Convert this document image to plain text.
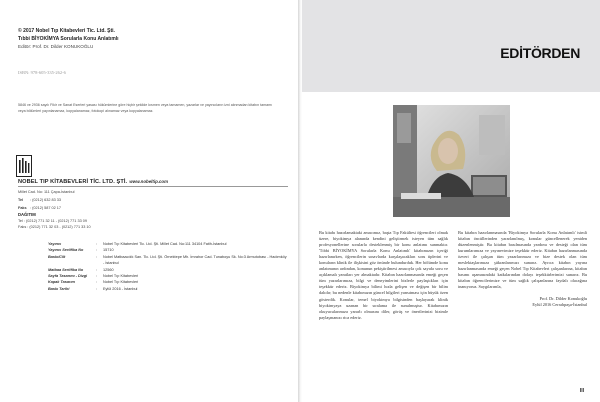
© 2017 Nobel Tıp Kitabevleri Tic. Ltd. Şti.
Tıbbi BİYOKİMYA Sorularla Konu Anlatımlı
Editör: Prof. Dr. Dilder KONUKOĞLU
ISBN: 978-605-335-262-6
5846 ve 2936 sayılı Fikir ve Sanat Eserleri yasası hükümlerine göre hiçbir şekilde kısmen veya tamamen, yazarlar ve yayıncıların izni alınmadan kitabın tamamı veya bölümleri yayınlanamaz, kopyalanamaz, fotokopi alınamaz veya kopyalanamaz.
NOBEL TIP KİTABEVLERİ TİC. LTD. ŞTİ. www.nobeltip.com
Millet Cad. No: 111 Çapa-İstanbul
Tel : (0212) 632 83 33
Faks : (0212) 587 02 17
DAĞITIM
Tel : (0212) 771 32 11 - (0212) 771 33 09
Faks : (0212) 771 32 03 - (0212) 771 33 10
Yayıncı	:	Nobel Tıp Kitabevleri Tic. Ltd. Şti. Millet Cad. No:111 34104 Fatih-İstanbul
Yayıncı Sertifika No	:	15710
Baskı/Cilt	:	Nobel Matbaacılık San. Tic. Ltd. Şti. Örnektepe Mh. İmrahor Cad. Tunaboyu Sk. No:3 Armutobası - Hadımköy - İstanbul
Matbaa Sertifika No	:	12560
Sayfa Tasarımı - Dizgi	:	Nobel Tıp Kitabevleri
Kapak Tasarım	:	Nobel Tıp Kitabevleri
Baskı Tarihi	:	Eylül 2016 - İstanbul
EDİTÖRDEN
Bu kitabı hazırlamaktaki amacımız, başta Tıp Fakültesi öğrencileri olmak üzere, biyokimya alanında kendini geliştirmek isteyen tüm sağlık profesyonellerine sorularla desteklenmiş bir konu anlatımı sunmaktır. 'Tıbbi BİYOKİMYA Sorularla Konu Anlatımlı' kitabımızın içeriği hazırlanırken, öğrencilerin sınavlarda karşılaşacakları soru tiplerini ve konuların klinik ile ilişkisini göz önünde bulundurduk. Her bölümde konu anlatımının ardından, konunun pekiştirilmesi amacıyla çok sayıda soru ve açıklamalı yanıtları yer almaktadır. Kitabın hazırlanmasında emeği geçen tüm yazarlarımıza, bilgi ve deneyimlerini bizlerle paylaştıkları için teşekkür ederiz. Biyokimya bilimi hızla gelişen ve değişen bir bilim dalıdır; bu nedenle kitabımızın güncel bilgileri yansıtması için büyük özen gösterdik. Konular, temel biyokimya bilgisinden başlayarak klinik biyokimyaya uzanan bir sıralama ile sunulmuştur. Kitabımızın okuyucularımıza yararlı olmasını diler, görüş ve önerilerinizi bizimle paylaşmanızı rica ederiz.
Bu kitabın hazırlanmasında 'Biyokimya Sorularla Konu Anlatımlı' isimli kitabın öncüllerinden yararlanılmış, konular güncellenerek yeniden düzenlenmiştir. Bu kitabın basılmasında yardımı ve desteği olan tüm kurumlarımıza ve yayınevimize teşekkür ederiz. Kitabın hazırlanmasında özveri ile çalışan tüm yazarlarımıza ve bize destek olan tüm meslektaşlarımıza şükranlarımızı sunarız. Ayrıca kitabın yayına hazırlanmasında emeği geçen Nobel Tıp Kitabevleri çalışanlarına, kitabın basımı aşamasındaki katkılarından dolayı teşekkürlerimizi sunarız. Bu kitabın öğrencilerimize ve tüm sağlık çalışanlarına faydalı olacağına inanıyoruz. Saygılarımla,
Prof. Dr. Dilder Konukoğlu
Eylül 2016 Cerrahpaşa-İstanbul
III
